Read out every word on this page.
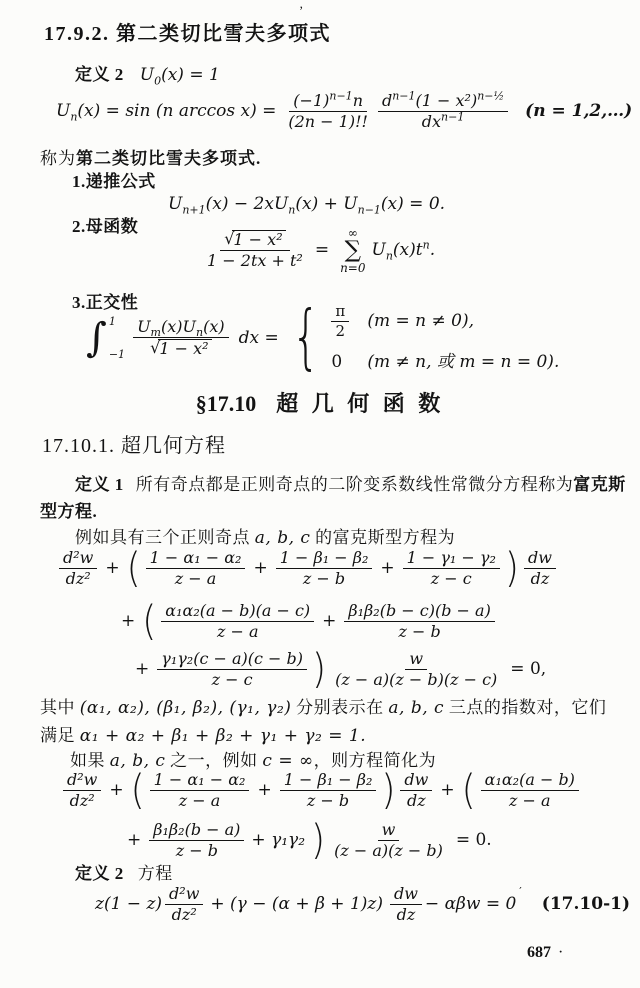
’
17.9.2. 第二类切比雪夫多项式
定义 2 $U_0(x) = 1$
$U_n(x) = \sin (n$ $\arccos x) = \frac{(-1)^{n-1}n}{(2n - 1)!!} d^{n-1}(1 - x^2)^{n-\frac{1}{2}}$
$dx^{n-1}$	(n = 1,2,…)
称为第二类切比雪夫多项式.
1.递推公式
$U_{n+1}(x) - 2xU_n(x) + U_{n-1}(x) = 0$.
2.母函数
$\frac{\text{√ 1 − x²}}{\text{1 − 2tx + t²}}$ =
∞
∑
n=0
$U_n(x)t^n$.
3.正交性
∫ 1
$-1 \frac{U_m(x)U_n(x)}{\text{√ 1 − x²}}$ dx = { $\frac{\pi}{2} (m = n \ne 0)$,
0 (m ≠ n, 或 m = n = 0).
§17.10 超 几 何 函 数
17.10.1. 超几何方程
定义 1 所有奇点都是正则奇点的二阶变系数线性常微分方程称为富克斯
型方程.
例如具有三个正则奇点 a, b, c 的富克斯型方程为
$\frac{\text{d²w}}{\text{dz²}}$ + ( $\frac{\text{1 − α₁ − α₂}}{z - a} + \frac{\text{1 − β₁ − β₂}}{z - b} + \frac{\text{1 − γ₁ − γ₂}}{z - c}$ ) $\frac{dw}{dz}$
+ ( $\frac{\text{α₁α₂(a − b)(a − c)}}{z - a} + \frac{\text{β₁β₂(b − c)(b − a)}}{z - b}$
+ $\frac{\text{γ₁γ₂(c − a)(c − b)}}{z - c}$ ) $\frac{w}{(z - a)(z - b)(z - c)} = 0$,
其中 (α₁, α₂), (β₁, β₂), (γ₁, γ₂) 分别表示在 a, b, c 三点的指数对，它们
满足 α₁ + α₂ + β₁ + β₂ + γ₁ + γ₂ = 1.
如果 a, b, c 之一，例如 c = ∞，则方程简化为
$\frac{\text{d²w}}{\text{dz²}}$ + ( $\frac{\text{1 − α₁ − α₂}}{z - a} + \frac{\text{1 − β₁ − β₂}}{z - b}$ ) $\frac{dw}{dz}$ + ( $\frac{\text{α₁α₂(a − b)}}{z - a}$
+ $\frac{\text{β₁β₂(b − a)}}{z - b} + \gamma_1\gamma_2$ ) $\frac{w}{(z - a)(z - b)} = 0$.
定义 2 方程
$z(1 - z) \frac{\text{d²w}}{\text{dz²}} + (\gamma - (\alpha + \beta + 1)z) \frac{dw}{dz} - \alpha\beta w = 0$
′
(17.10-1)
687 ·
